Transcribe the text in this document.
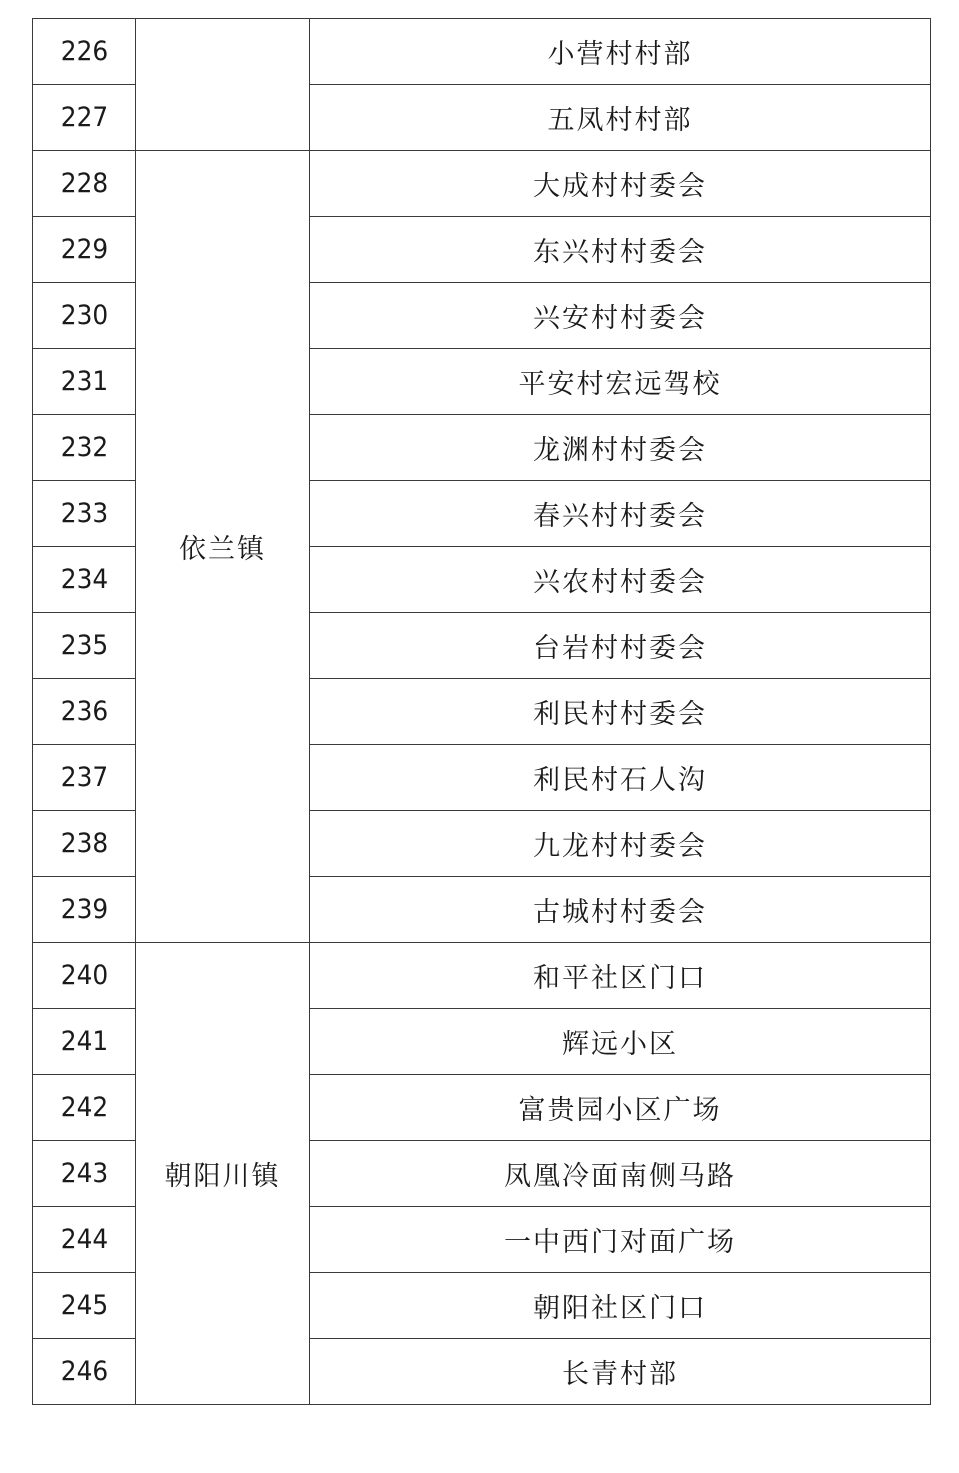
226		小营村村部
227		五凤村村部
228	依兰镇	大成村村委会
229		东兴村村委会
230		兴安村村委会
231		平安村宏远驾校
232		龙渊村村委会
233		春兴村村委会
234		兴农村村委会
235		台岩村村委会
236		利民村村委会
237		利民村石人沟
238		九龙村村委会
239		古城村村委会
240	朝阳川镇	和平社区门口
241		辉远小区
242		富贵园小区广场
243		凤凰冷面南侧马路
244		一中西门对面广场
245		朝阳社区门口
246		长青村部
